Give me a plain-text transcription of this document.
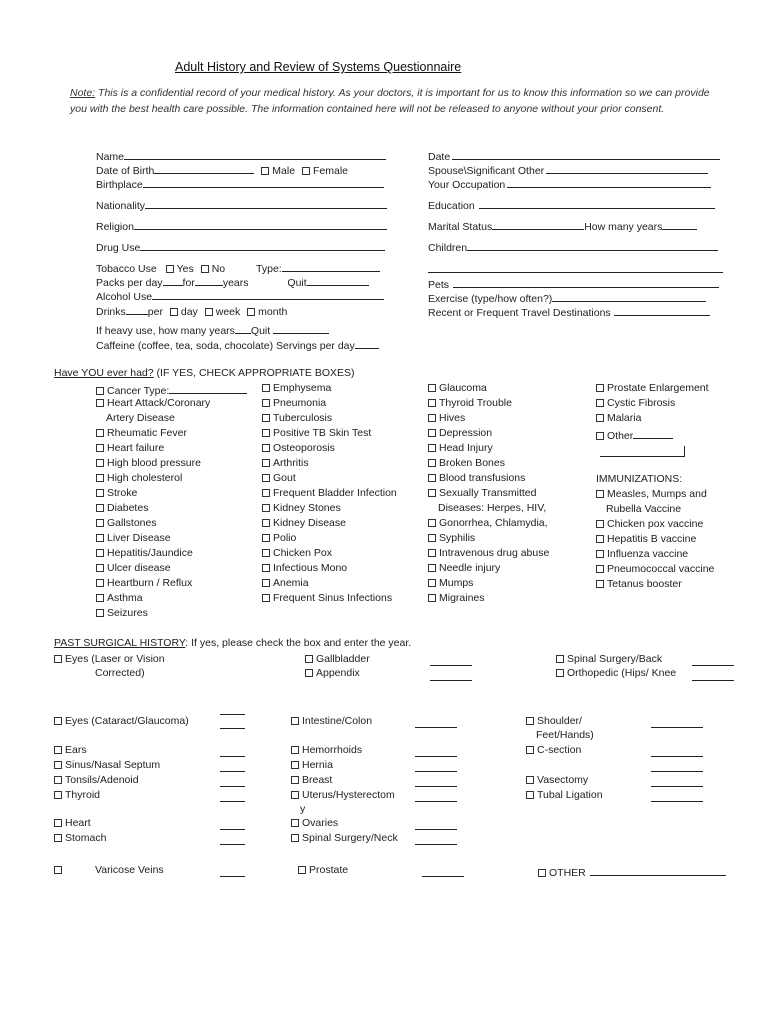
Adult History and Review of Systems Questionnaire
Note: This is a confidential record of your medical history. As your doctors, it is important for us to know this information so we can provide you with the best health care possible. The information contained here will not be released to anyone without your prior consent.
Name
Date of Birth	Male Female
Birthplace
Nationality
Religion
Drug Use
Tobacco Use Yes No	Type:
Packs per day for	years	Quit
Alcohol Use
Drinks per day week month
If heavy use, how many years Quit
Caffeine (coffee, tea, soda, chocolate) Servings per day
Date
Spouse\Significant Other
Your Occupation
Education
Marital Status	How many years
Children
Pets
Exercise (type/how often?)
Recent or Frequent Travel Destinations
Have YOU ever had? (IF YES, CHECK APPROPRIATE BOXES)
Cancer Type:
Heart Attack/Coronary
Artery Disease
Rheumatic Fever
Heart failure
High blood pressure
High cholesterol
Stroke
Diabetes
Gallstones
Liver Disease
Hepatitis/Jaundice
Ulcer disease
Heartburn / Reflux
Asthma
Seizures
Emphysema
Pneumonia
Tuberculosis
Positive TB Skin Test
Osteoporosis
Arthritis
Gout
Frequent Bladder Infection
Kidney Stones
Kidney Disease
Polio
Chicken Pox
Infectious Mono
Anemia
Frequent Sinus Infections
Glaucoma
Thyroid Trouble
Hives
Depression
Head Injury
Broken Bones
Blood transfusions
Sexually Transmitted
Diseases: Herpes, HIV,
Gonorrhea, Chlamydia,
Syphilis
Intravenous drug abuse
Needle injury
Mumps
Migraines
Prostate Enlargement
Cystic Fibrosis
Malaria
Other
IMMUNIZATIONS:
Measles, Mumps and
Rubella Vaccine
Chicken pox vaccine
Hepatitis B vaccine
Influenza vaccine
Pneumococcal vaccine
Tetanus booster
PAST SURGICAL HISTORY: If yes, please check the box and enter the year.
Eyes (Laser or Vision
Corrected)
Gallbladder
Appendix
Spinal Surgery/Back
Orthopedic (Hips/ Knee
Eyes (Cataract/Glaucoma)
Ears
Sinus/Nasal Septum
Tonsils/Adenoid
Thyroid
Heart
Stomach
Varicose Veins
Intestine/Colon
Hemorrhoids
Hernia
Breast
Uterus/Hysterectom
y
Ovaries
Spinal Surgery/Neck
Prostate
Shoulder/
Feet/Hands)
C-section
Vasectomy
Tubal Ligation
OTHER
